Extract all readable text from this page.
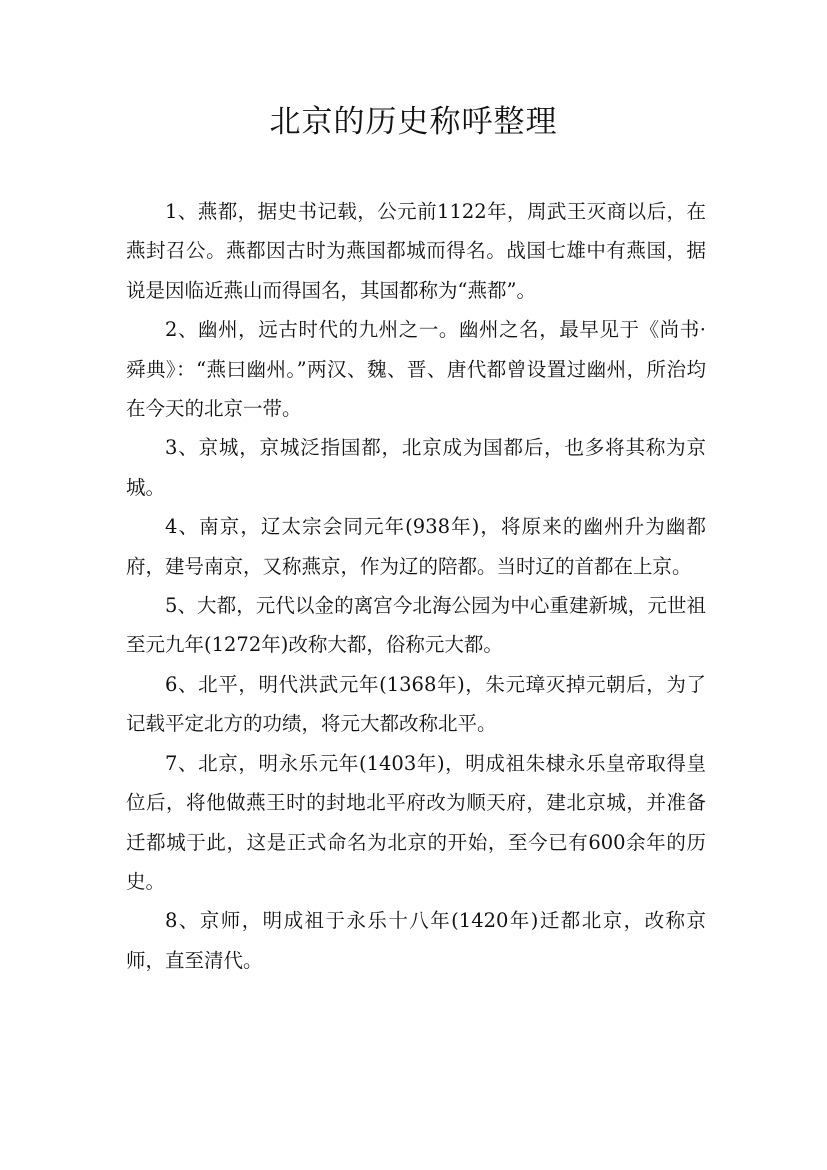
北京的历史称呼整理

1、燕都，据史书记载，公元前1122年，周武王灭商以后，在燕封召公。燕都因古时为燕国都城而得名。战国七雄中有燕国，据说是因临近燕山而得国名，其国都称为“燕都”。

2、幽州，远古时代的九州之一。幽州之名，最早见于《尚书·舜典》：“燕曰幽州。”两汉、魏、晋、唐代都曾设置过幽州，所治均在今天的北京一带。

3、京城，京城泛指国都，北京成为国都后，也多将其称为京城。

4、南京，辽太宗会同元年(938年)，将原来的幽州升为幽都府，建号南京，又称燕京，作为辽的陪都。当时辽的首都在上京。

5、大都，元代以金的离宫今北海公园为中心重建新城，元世祖至元九年(1272年)改称大都，俗称元大都。

6、北平，明代洪武元年(1368年)，朱元璋灭掉元朝后，为了记载平定北方的功绩，将元大都改称北平。

7、北京，明永乐元年(1403年)，明成祖朱棣永乐皇帝取得皇位后，将他做燕王时的封地北平府改为顺天府，建北京城，并准备迁都城于此，这是正式命名为北京的开始，至今已有600余年的历史。

8、京师，明成祖于永乐十八年(1420年)迁都北京，改称京师，直至清代。
